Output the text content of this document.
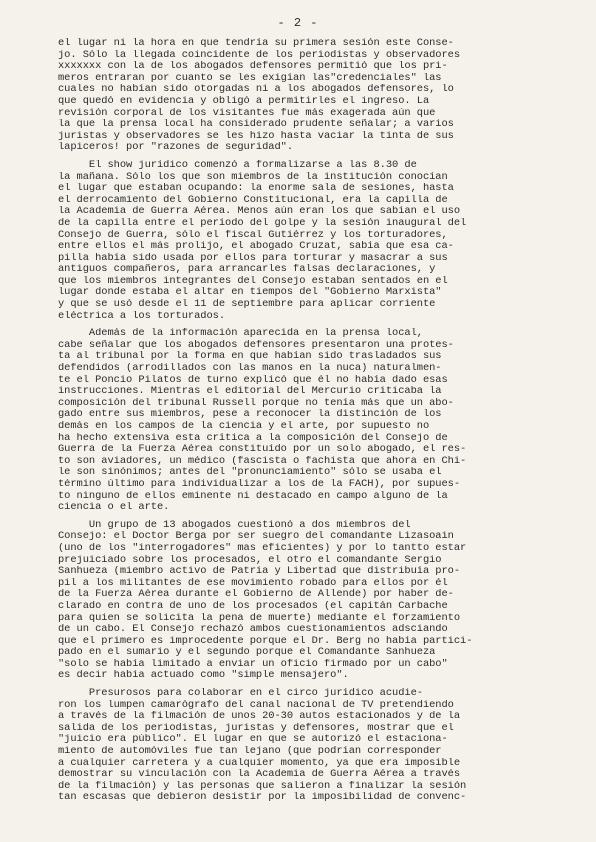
- 2 -
el lugar ni la hora en que tendría su primera sesión este Conse-
jo. Sólo la llegada coincidente de los periodistas y observadores
xxxxxxx con la de los abogados defensores permitió que los pri-
meros entraran por cuanto se les exigían las"credenciales" las
cuales no habían sido otorgadas ni a los abogados defensores, lo
que quedó en evidencia y obligó a permitirles el ingreso. La
revisión corporal de los visitantes fue más exagerada aún que
la que la prensa local ha considerado prudente señalar; a varios
juristas y observadores se les hizo hasta vaciar la tinta de sus
lapiceros! por "razones de seguridad".
El show jurídico comenzó a formalizarse a las 8.30 de
la mañana. Sólo los que son miembros de la institución conocían
el lugar que estaban ocupando: la enorme sala de sesiones, hasta
el derrocamiento del Gobierno Constitucional, era la capilla de
la Academia de Guerra Aérea. Menos aún eran los que sabían el uso
de la capilla entre el período del golpe y la sesión inaugural del
Consejo de Guerra, sólo el fiscal Gutiérrez y los torturadores,
entre ellos el más prolijo, el abogado Cruzat, sabía que esa ca-
pilla había sido usada por ellos para torturar y masacrar a sus
antiguos compañeros, para arrancarles falsas declaraciones, y
que los miembros integrantes del Consejo estaban sentados en el
lugar donde estaba el altar en tiempos del "Gobierno Marxista"
y que se usó desde el 11 de septiembre para aplicar corriente
eléctrica a los torturados.
Además de la información aparecida en la prensa local,
cabe señalar que los abogados defensores presentaron una protes-
ta al tribunal por la forma en que habían sido trasladados sus
defendidos (arrodillados con las manos en la nuca) naturalmen-
te el Poncio Pilatos de turno explicó que él no había dado esas
instrucciones. Mientras el editorial del Mercurio criticaba la
composición del tribunal Russell porque no tenía más que un abo-
gado entre sus miembros, pese a reconocer la distinción de los
demás en los campos de la ciencia y el arte, por supuesto no
ha hecho extensiva esta crítica a la composición del Consejo de
Guerra de la Fuerza Aérea constituído por un solo abogado, el res-
to son aviadores, un médico (fascista o fachista que ahora en Chi-
le son sinónimos; antes del "pronunciamiento" sólo se usaba el
término último para individualizar a los de la FACH), por supues-
to ninguno de ellos eminente ni destacado en campo alguno de la
ciencia o el arte.
Un grupo de 13 abogados cuestionó a dos miembros del
Consejo: el Doctor Berga por ser suegro del comandante Lizasoain
(uno de los "interrogadores" mas eficientes) y por lo tantto estar
prejuiciado sobre los procesados, el otro el comandante Sergio
Sanhueza (miembro activo de Patria y Libertad que distribuía pro-
pil a los militantes de ese movimiento robado para ellos por él
de la Fuerza Aérea durante el Gobierno de Allende) por haber de-
clarado en contra de uno de los procesados (el capitán Carbache
para quien se solicita la pena de muerte) mediante el forzamiento
de un cabo. El Consejo rechazó ambos cuestionamientos adsciando
que el primero es improcedente porque el Dr. Berg no había partici-
pado en el sumario y el segundo porque el Comandante Sanhueza
"solo se había limitado a enviar un oficio firmado por un cabo"
es decir había actuado como "simple mensajero".
Presurosos para colaborar en el circo jurídico acudie-
ron los lumpen camarógrafo del canal nacional de TV pretendiendo
a través de la filmación de unos 20-30 autos estacionados y de la
salida de los periodistas, juristas y defensores, mostrar que el
"juicio era público". El lugar en que se autorizó el estaciona-
miento de automóviles fue tan lejano (que podrían corresponder
a cualquier carretera y a cualquier momento, ya que era imposible
demostrar su vinculación con la Academia de Guerra Aérea a través
de la filmación) y las personas que salieron a finalizar la sesión
tan escasas que debieron desistir por la imposibilidad de convenc-
